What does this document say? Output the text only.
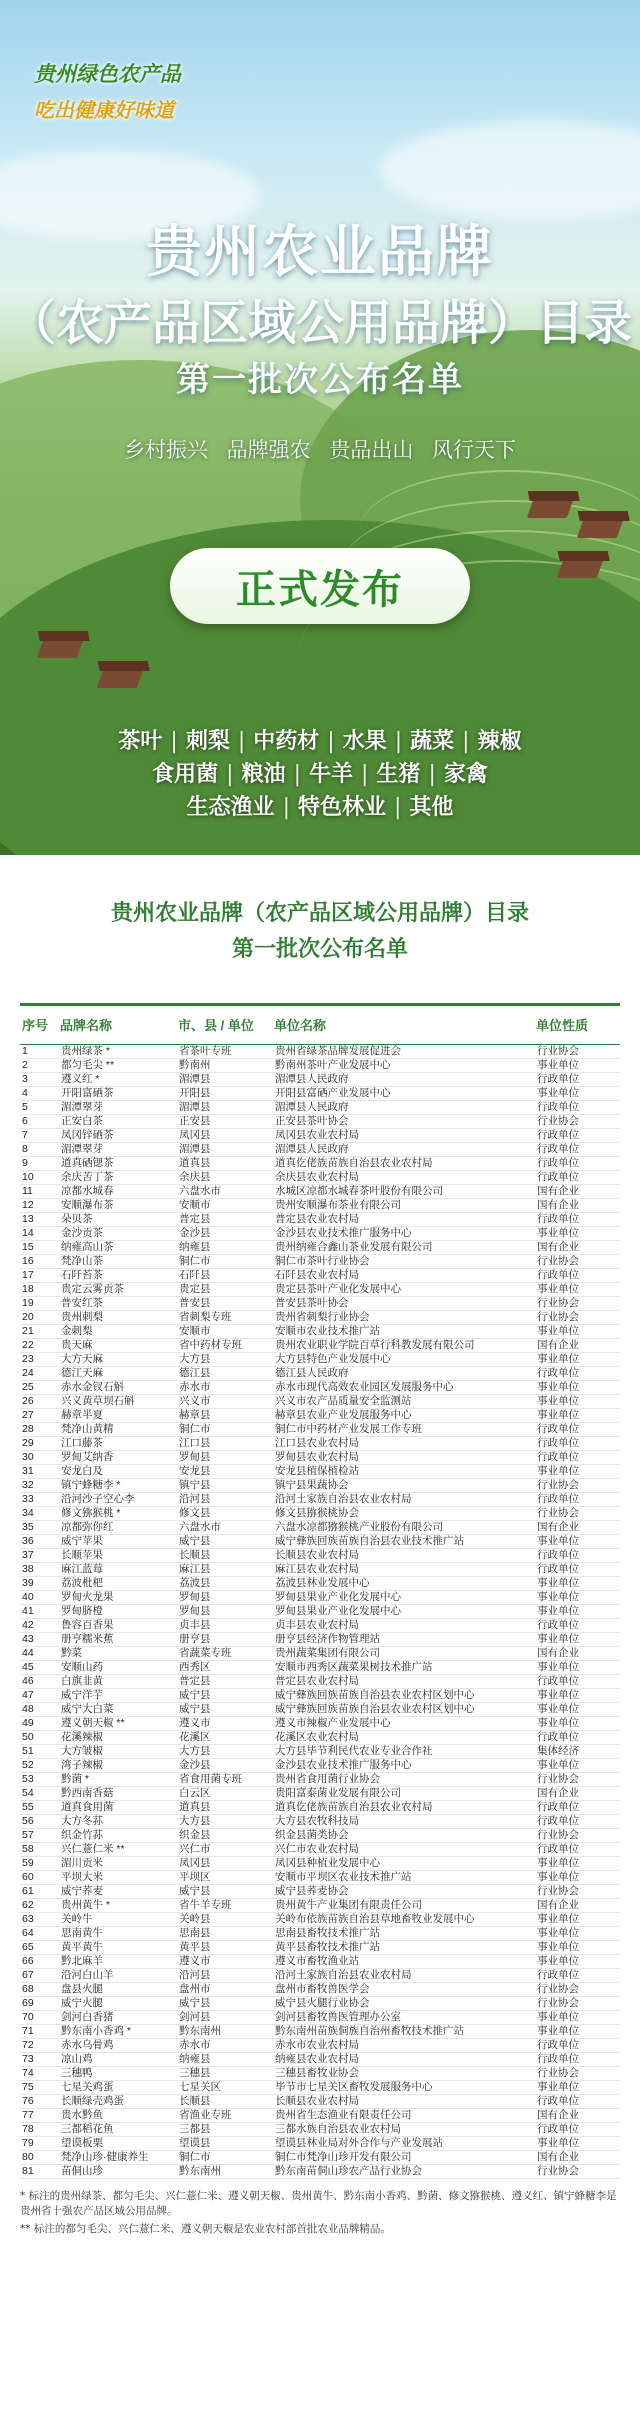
贵州绿色农产品
吃出健康好味道
贵州农业品牌
（农产品区域公用品牌）目录
第一批次公布名单
乡村振兴 品牌强农 贵品出山 风行天下
正式发布
茶叶 | 刺梨 | 中药材 | 水果 | 蔬菜 | 辣椒
食用菌 | 粮油 | 牛羊 | 生猪 | 家禽
生态渔业 | 特色林业 | 其他
贵州农业品牌（农产品区域公用品牌）目录
第一批次公布名单
序号	品牌名称	市、县 / 单位	单位名称	单位性质
1	贵州绿茶 *	省茶叶专班	贵州省绿茶品牌发展促进会	行业协会
2	都匀毛尖 **	黔南州	黔南州茶叶产业发展中心	事业单位
3	遵义红 *	湄潭县	湄潭县人民政府	行政单位
4	开阳富硒茶	开阳县	开阳县富硒产业发展中心	事业单位
5	湄潭翠芽	湄潭县	湄潭县人民政府	行政单位
6	正安白茶	正安县	正安县茶叶协会	行业协会
7	凤冈锌硒茶	凤冈县	凤冈县农业农村局	行政单位
8	湄潭翠芽	湄潭县	湄潭县人民政府	行政单位
9	道真硒锶茶	道真县	道真仡佬族苗族自治县农业农村局	行政单位
10	余庆苦丁茶	余庆县	余庆县农业农村局	行政单位
11	凉都水城春	六盘水市	水城区凉都水城春茶叶股份有限公司	国有企业
12	安顺瀑布茶	安顺市	贵州安顺瀑布茶业有限公司	国有企业
13	朵贝茶	普定县	普定县农业农村局	行政单位
14	金沙贡茶	金沙县	金沙县农业技术推广服务中心	事业单位
15	纳雍高山茶	纳雍县	贵州纳雍合鑫山茶业发展有限公司	国有企业
16	梵净山茶	铜仁市	铜仁市茶叶行业协会	行业协会
17	石阡苔茶	石阡县	石阡县农业农村局	行政单位
18	贵定云雾贡茶	贵定县	贵定县茶叶产业化发展中心	事业单位
19	普安红茶	普安县	普安县茶叶协会	行业协会
20	贵州刺梨	省刺梨专班	贵州省刺梨行业协会	行业协会
21	金刺梨	安顺市	安顺市农业技术推广站	事业单位
22	贵天麻	省中药材专班	贵州农业职业学院百草行科教发展有限公司	国有企业
23	大方天麻	大方县	大方县特色产业发展中心	事业单位
24	德江天麻	德江县	德江县人民政府	行政单位
25	赤水金钗石斛	赤水市	赤水市现代高效农业园区发展服务中心	事业单位
26	兴义黄草坝石斛	兴义市	兴义市农产品质量安全监测站	事业单位
27	赫章半夏	赫章县	赫章县农业产业发展服务中心	事业单位
28	梵净山黄精	铜仁市	铜仁市中药材产业发展工作专班	行政单位
29	江口藤茶	江口县	江口县农业农村局	行政单位
30	罗甸艾纳香	罗甸县	罗甸县农业农村局	行政单位
31	安龙白及	安龙县	安龙县植保植检站	事业单位
32	镇宁蜂糖李 *	镇宁县	镇宁县果蔬协会	行业协会
33	沿河沙子空心李	沿河县	沿河土家族自治县农业农村局	行政单位
34	修文猕猴桃 *	修文县	修文县猕猴桃协会	行业协会
35	凉都弥你红	六盘水市	六盘水凉都猕猴桃产业股份有限公司	国有企业
36	威宁苹果	威宁县	威宁彝族回族苗族自治县农业技术推广站	事业单位
37	长顺苹果	长顺县	长顺县农业农村局	行政单位
38	麻江蓝莓	麻江县	麻江县农业农村局	行政单位
39	荔波枇杷	荔波县	荔波县林业发展中心	事业单位
40	罗甸火龙果	罗甸县	罗甸县果业产业化发展中心	事业单位
41	罗甸脐橙	罗甸县	罗甸县果业产业化发展中心	事业单位
42	鲁容百香果	贞丰县	贞丰县农业农村局	行政单位
43	册亨糯米蕉	册亨县	册亨县经济作物管理站	事业单位
44	黔菜	省蔬菜专班	贵州蔬菜集团有限公司	国有企业
45	安顺山药	西秀区	安顺市西秀区蔬菜果树技术推广站	事业单位
46	白旗韭黄	普定县	普定县农业农村局	行政单位
47	威宁洋芋	威宁县	威宁彝族回族苗族自治县农业农村区划中心	事业单位
48	威宁大白菜	威宁县	威宁彝族回族苗族自治县农业农村区划中心	事业单位
49	遵义朝天椒 **	遵义市	遵义市辣椒产业发展中心	事业单位
50	花溪辣椒	花溪区	花溪区农业农村局	行政单位
51	大方皱椒	大方县	大方县毕节利民代农业专业合作社	集体经济
52	湾子辣椒	金沙县	金沙县农业技术推广服务中心	事业单位
53	黔菌 *	省食用菌专班	贵州省食用菌行业协会	行业协会
54	黔西南香菇	白云区	贵阳富泰菌业发展有限公司	国有企业
55	道真食用菌	道真县	道真仡佬族苗族自治县农业农村局	行政单位
56	大方冬荪	大方县	大方县农牧科技局	行政单位
57	织金竹荪	织金县	织金县菌类协会	行业协会
58	兴仁薏仁米 **	兴仁市	兴仁市农业农村局	行政单位
59	湄川贡米	凤冈县	凤冈县种植业发展中心	事业单位
60	平坝大米	平坝区	安顺市平坝区农业技术推广站	事业单位
61	威宁荞麦	威宁县	威宁县荞麦协会	行业协会
62	贵州黄牛 *	省牛羊专班	贵州黄牛产业集团有限责任公司	国有企业
63	关岭牛	关岭县	关岭布依族苗族自治县草地畜牧业发展中心	事业单位
64	思南黄牛	思南县	思南县畜牧技术推广站	事业单位
65	黄平黄牛	黄平县	黄平县畜牧技术推广站	事业单位
66	黔北麻羊	遵义市	遵义市畜牧渔业站	事业单位
67	沿河白山羊	沿河县	沿河土家族自治县农业农村局	行政单位
68	盘县火腿	盘州市	盘州市畜牧兽医学会	行业协会
69	威宁火腿	威宁县	威宁县火腿行业协会	行业协会
70	剑河白香猪	剑河县	剑河县畜牧兽医管理办公室	事业单位
71	黔东南小香鸡 *	黔东南州	黔东南州苗族侗族自治州畜牧技术推广站	事业单位
72	赤水乌骨鸡	赤水市	赤水市农业农村局	行政单位
73	凉山鸡	纳雍县	纳雍县农业农村局	行政单位
74	三穗鸭	三穗县	三穗县畜牧业协会	行业协会
75	七星关鸡蛋	七星关区	毕节市七星关区畜牧发展服务中心	事业单位
76	长顺绿壳鸡蛋	长顺县	长顺县农业农村局	行政单位
77	贵水黔鱼	省渔业专班	贵州省生态渔业有限责任公司	国有企业
78	三都稻花鱼	三都县	三都水族自治县农业农村局	行政单位
79	望谟板栗	望谟县	望谟县林业局对外合作与产业发展站	事业单位
80	梵净山珍·健康养生	铜仁市	铜仁市梵净山珍开发有限公司	国有企业
81	苗侗山珍	黔东南州	黔东南苗侗山珍农产品行业协会	行业协会

* 标注的贵州绿茶、都匀毛尖、兴仁薏仁米、遵义朝天椒、贵州黄牛、黔东南小香鸡、黔菌、修文猕猴桃、遵义红、镇宁蜂糖李是贵州省十强农产品区域公用品牌。

** 标注的都匀毛尖、兴仁薏仁米、遵义朝天椒是农业农村部首批农业品牌精品。
